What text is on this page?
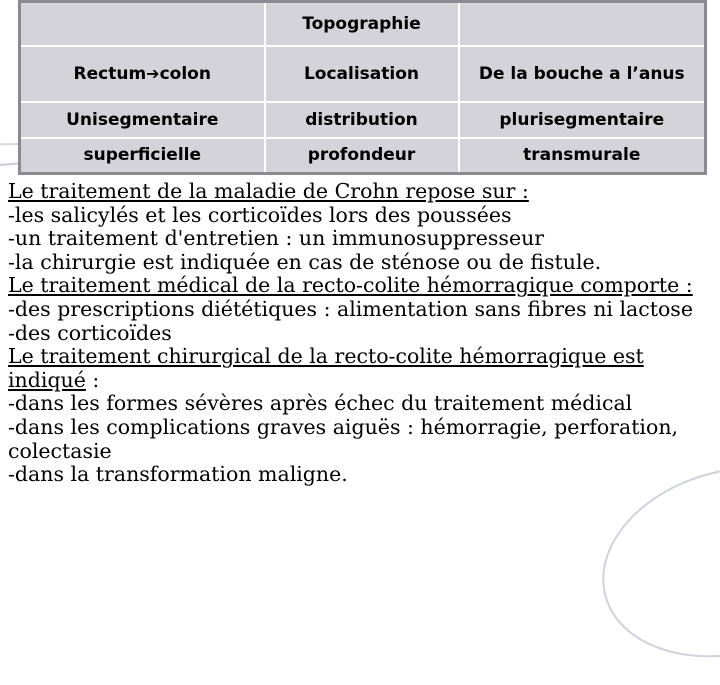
	Topographie	
Rectum➔colon	Localisation	De la bouche a l’anus
Unisegmentaire	distribution	plurisegmentaire
superficielle	profondeur	transmurale

Le traitement de la maladie de Crohn repose sur :

-les salicylés et les corticoïdes lors des poussées

-un traitement d'entretien : un immunosuppresseur

-la chirurgie est indiquée en cas de sténose ou de fistule.

Le traitement médical de la recto-colite hémorragique comporte :

-des prescriptions diététiques : alimentation sans fibres ni lactose

-des corticoïdes

Le traitement chirurgical de la recto-colite hémorragique est indiqué :

-dans les formes sévères après échec du traitement médical

-dans les complications graves aiguës : hémorragie, perforation, colectasie

-dans la transformation maligne.
